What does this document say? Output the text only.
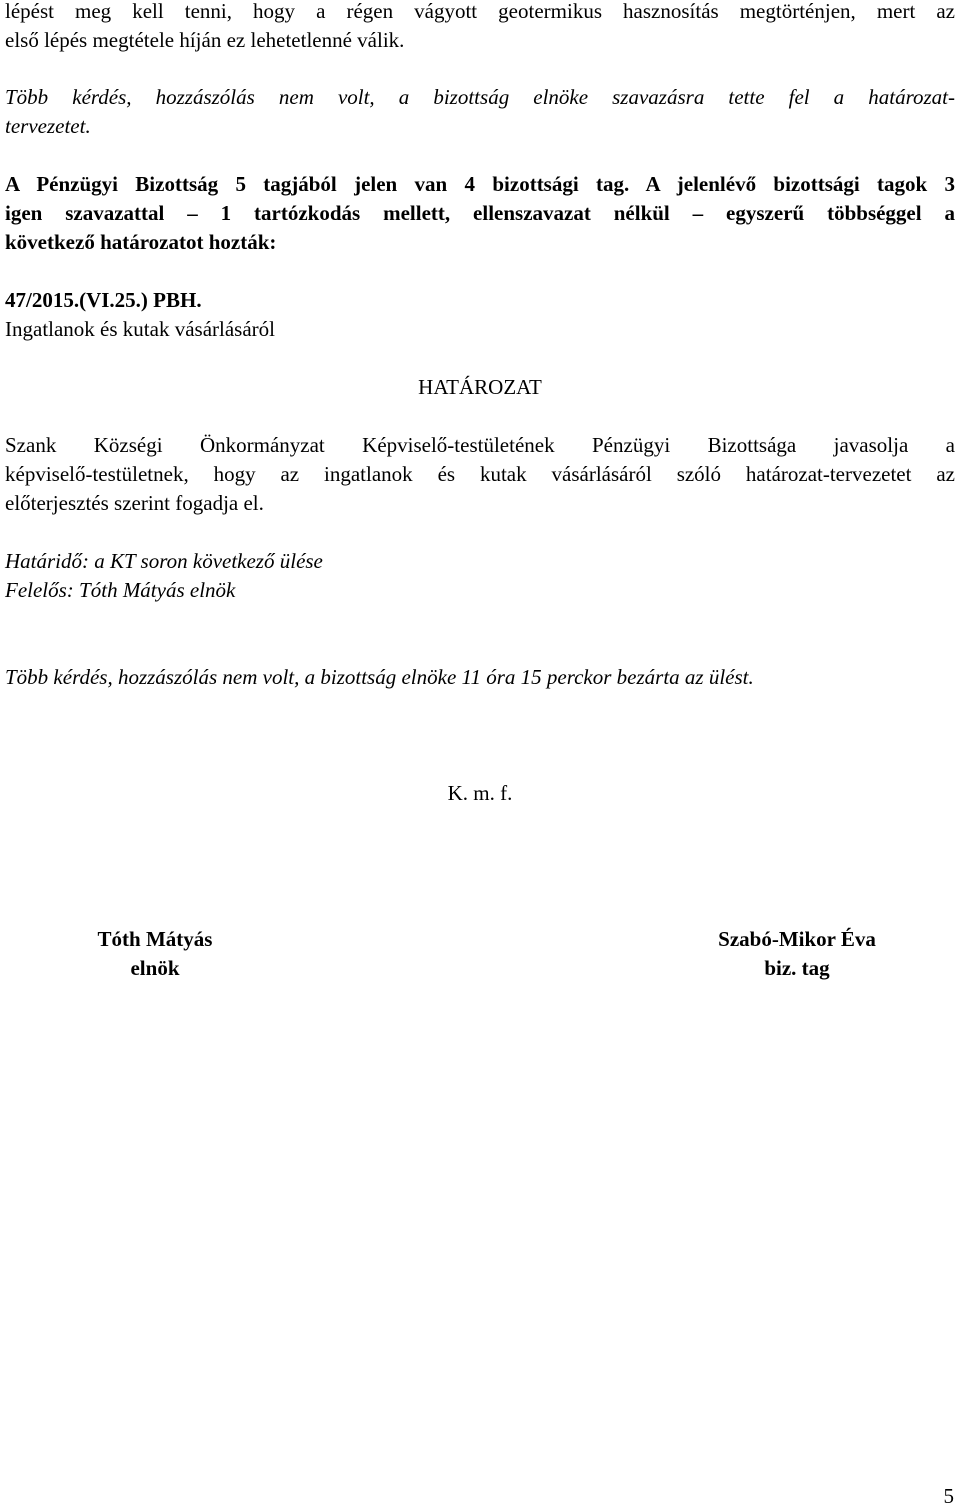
lépést meg kell tenni, hogy a régen vágyott geotermikus hasznosítás megtörténjen, mert az
első lépés megtétele híján ez lehetetlenné válik.
Több kérdés, hozzászólás nem volt, a bizottság elnöke szavazásra tette fel a határozat-
tervezetet.
A Pénzügyi Bizottság 5 tagjából jelen van 4 bizottsági tag. A jelenlévő bizottsági tagok 3
igen szavazattal – 1 tartózkodás mellett, ellenszavazat nélkül – egyszerű többséggel a
következő határozatot hozták:
47/2015.(VI.25.) PBH.
Ingatlanok és kutak vásárlásáról
HATÁROZAT
Szank Községi Önkormányzat Képviselő-testületének Pénzügyi Bizottsága javasolja a
képviselő-testületnek, hogy az ingatlanok és kutak vásárlásáról szóló határozat-tervezetet az
előterjesztés szerint fogadja el.
Határidő: a KT soron következő ülése
Felelős: Tóth Mátyás elnök
Több kérdés, hozzászólás nem volt, a bizottság elnöke 11 óra 15 perckor bezárta az ülést.
K. m. f.
Tóth Mátyás
elnök
Szabó-Mikor Éva
biz. tag
5
